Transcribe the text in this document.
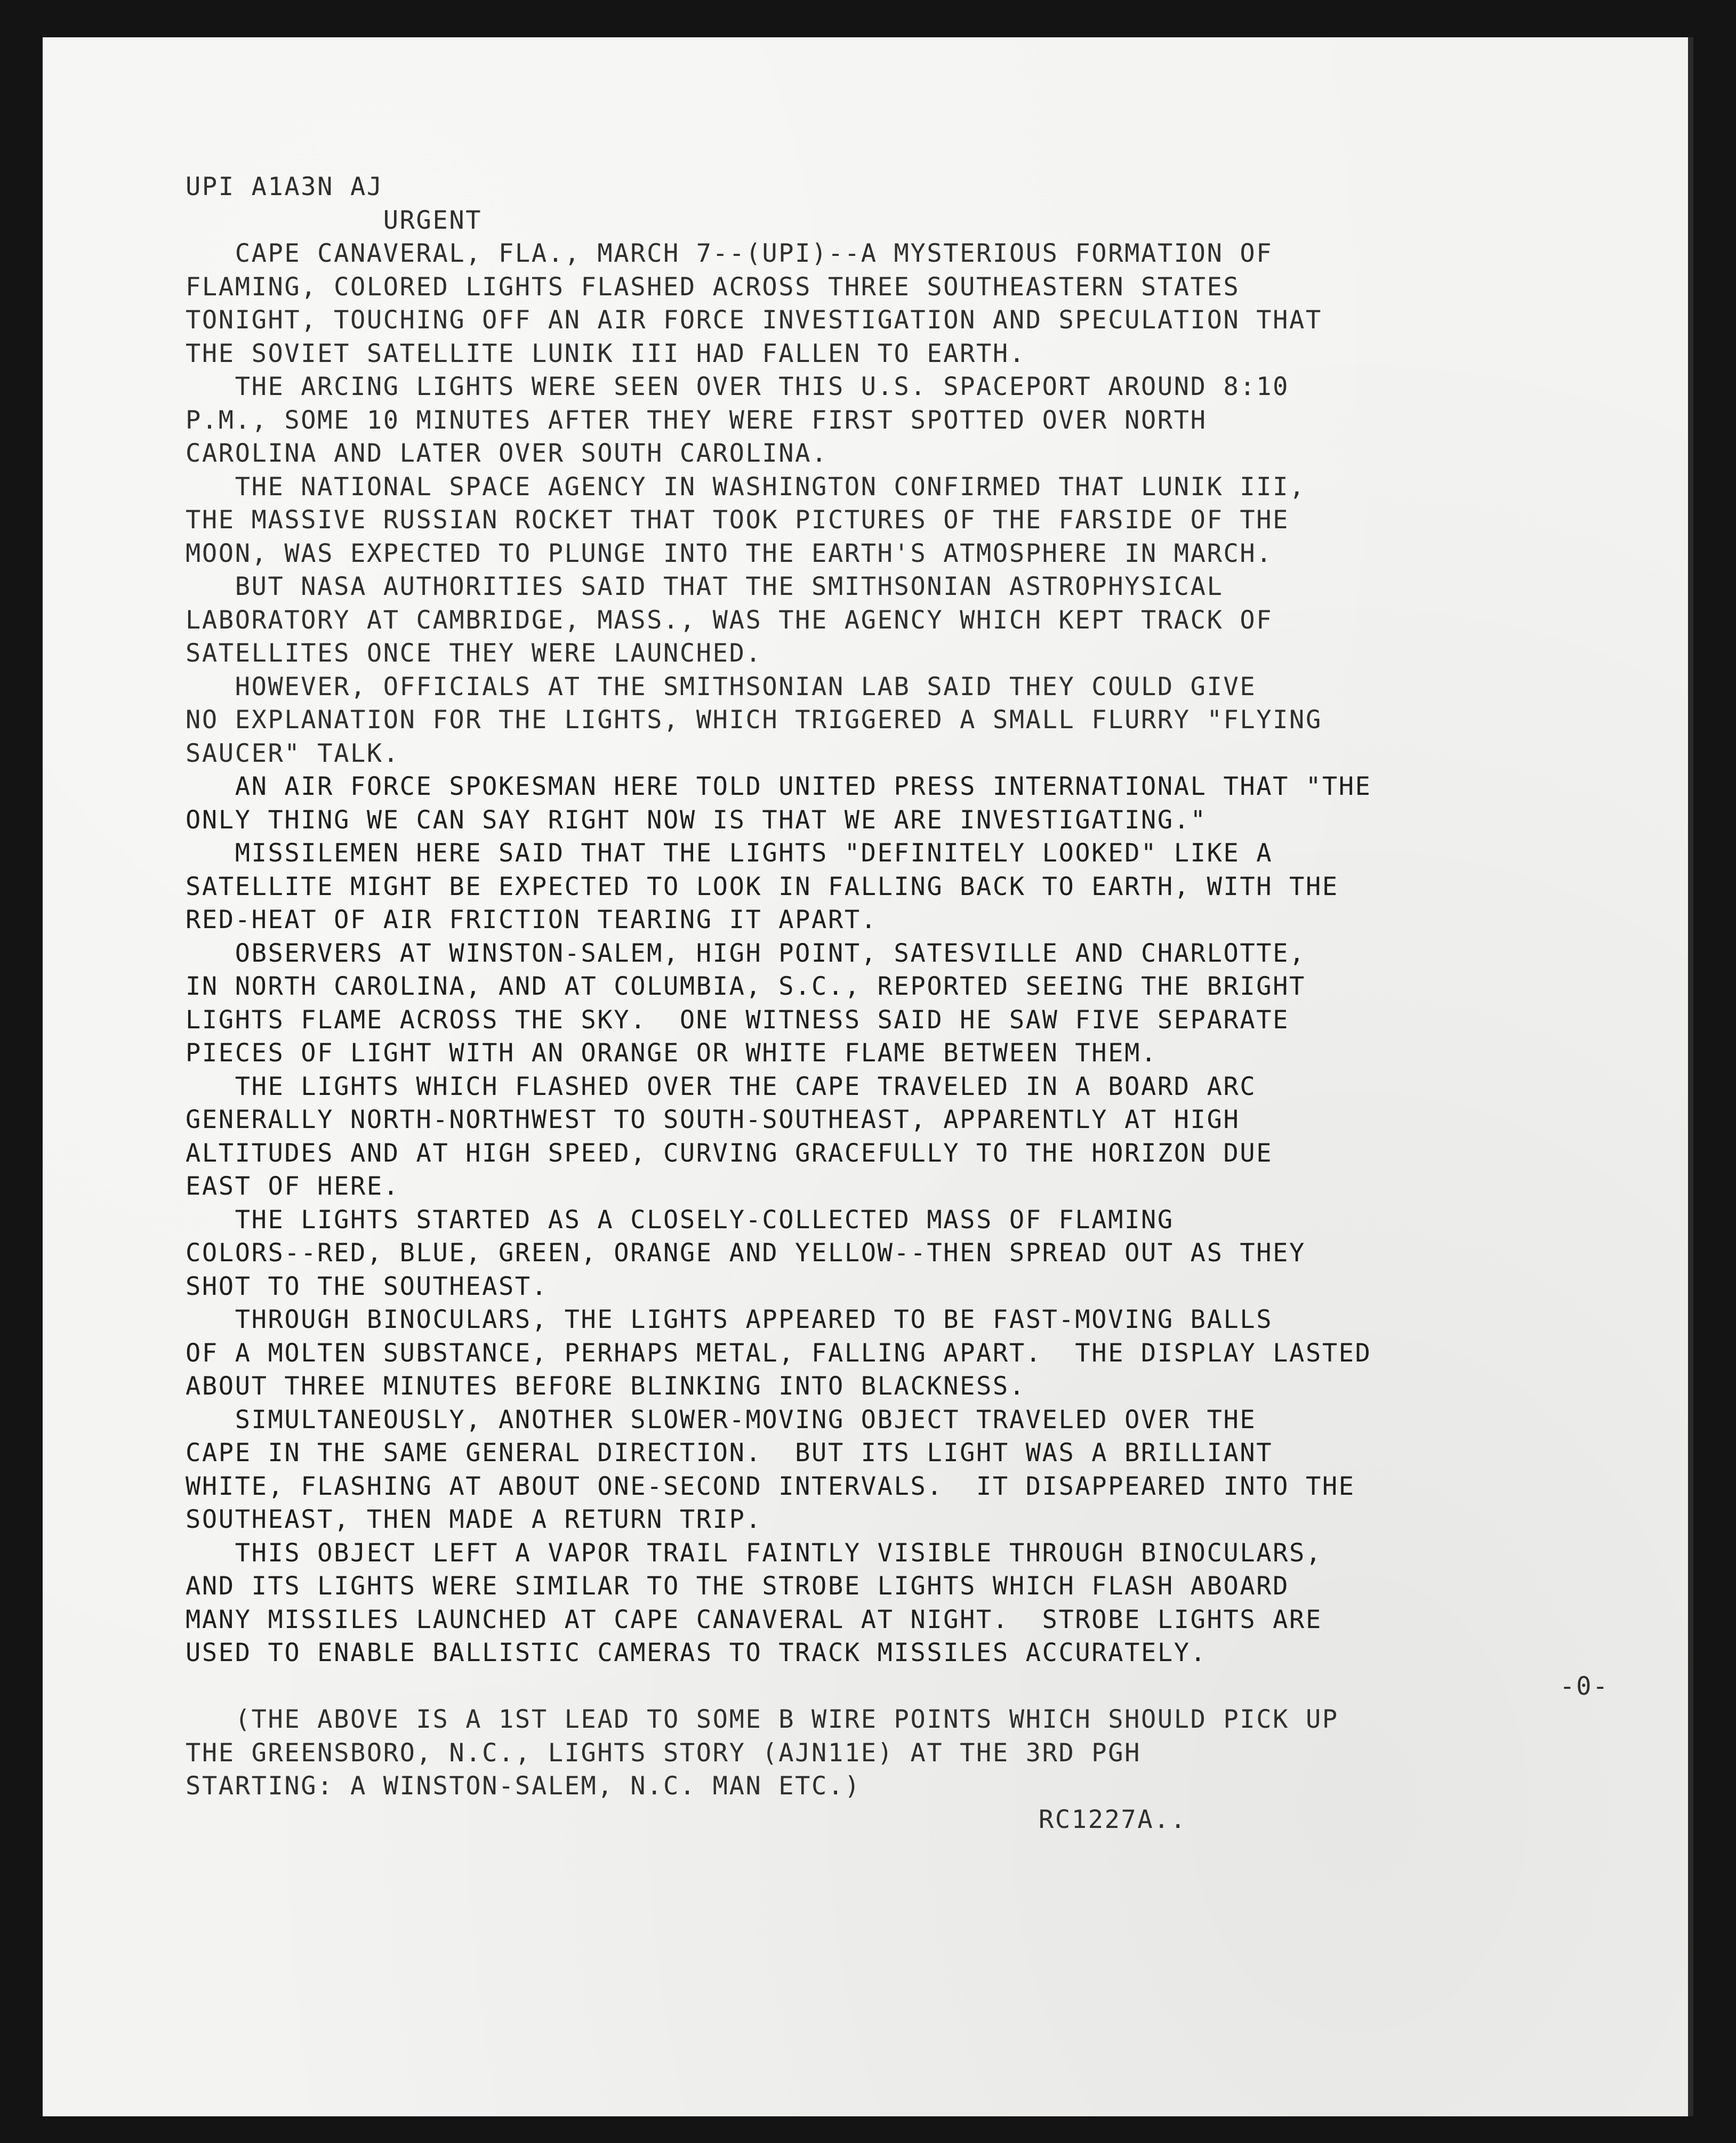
UPI A1A3N AJ
URGENT
CAPE CANAVERAL, FLA., MARCH 7--(UPI)--A MYSTERIOUS FORMATION OF
FLAMING, COLORED LIGHTS FLASHED ACROSS THREE SOUTHEASTERN STATES
TONIGHT, TOUCHING OFF AN AIR FORCE INVESTIGATION AND SPECULATION THAT
THE SOVIET SATELLITE LUNIK III HAD FALLEN TO EARTH.
THE ARCING LIGHTS WERE SEEN OVER THIS U.S. SPACEPORT AROUND 8:10
P.M., SOME 10 MINUTES AFTER THEY WERE FIRST SPOTTED OVER NORTH
CAROLINA AND LATER OVER SOUTH CAROLINA.
THE NATIONAL SPACE AGENCY IN WASHINGTON CONFIRMED THAT LUNIK III,
THE MASSIVE RUSSIAN ROCKET THAT TOOK PICTURES OF THE FARSIDE OF THE
MOON, WAS EXPECTED TO PLUNGE INTO THE EARTH'S ATMOSPHERE IN MARCH.
BUT NASA AUTHORITIES SAID THAT THE SMITHSONIAN ASTROPHYSICAL
LABORATORY AT CAMBRIDGE, MASS., WAS THE AGENCY WHICH KEPT TRACK OF
SATELLITES ONCE THEY WERE LAUNCHED.
HOWEVER, OFFICIALS AT THE SMITHSONIAN LAB SAID THEY COULD GIVE
NO EXPLANATION FOR THE LIGHTS, WHICH TRIGGERED A SMALL FLURRY "FLYING
SAUCER" TALK.
AN AIR FORCE SPOKESMAN HERE TOLD UNITED PRESS INTERNATIONAL THAT "THE
ONLY THING WE CAN SAY RIGHT NOW IS THAT WE ARE INVESTIGATING."
MISSILEMEN HERE SAID THAT THE LIGHTS "DEFINITELY LOOKED" LIKE A
SATELLITE MIGHT BE EXPECTED TO LOOK IN FALLING BACK TO EARTH, WITH THE
RED-HEAT OF AIR FRICTION TEARING IT APART.
OBSERVERS AT WINSTON-SALEM, HIGH POINT, SATESVILLE AND CHARLOTTE,
IN NORTH CAROLINA, AND AT COLUMBIA, S.C., REPORTED SEEING THE BRIGHT
LIGHTS FLAME ACROSS THE SKY.  ONE WITNESS SAID HE SAW FIVE SEPARATE
PIECES OF LIGHT WITH AN ORANGE OR WHITE FLAME BETWEEN THEM.
THE LIGHTS WHICH FLASHED OVER THE CAPE TRAVELED IN A BOARD ARC
GENERALLY NORTH-NORTHWEST TO SOUTH-SOUTHEAST, APPARENTLY AT HIGH
ALTITUDES AND AT HIGH SPEED, CURVING GRACEFULLY TO THE HORIZON DUE
EAST OF HERE.
THE LIGHTS STARTED AS A CLOSELY-COLLECTED MASS OF FLAMING
COLORS--RED, BLUE, GREEN, ORANGE AND YELLOW--THEN SPREAD OUT AS THEY
SHOT TO THE SOUTHEAST.
THROUGH BINOCULARS, THE LIGHTS APPEARED TO BE FAST-MOVING BALLS
OF A MOLTEN SUBSTANCE, PERHAPS METAL, FALLING APART.  THE DISPLAY LASTED
ABOUT THREE MINUTES BEFORE BLINKING INTO BLACKNESS.
SIMULTANEOUSLY, ANOTHER SLOWER-MOVING OBJECT TRAVELED OVER THE
CAPE IN THE SAME GENERAL DIRECTION.  BUT ITS LIGHT WAS A BRILLIANT
WHITE, FLASHING AT ABOUT ONE-SECOND INTERVALS.  IT DISAPPEARED INTO THE
SOUTHEAST, THEN MADE A RETURN TRIP.
THIS OBJECT LEFT A VAPOR TRAIL FAINTLY VISIBLE THROUGH BINOCULARS,
AND ITS LIGHTS WERE SIMILAR TO THE STROBE LIGHTS WHICH FLASH ABOARD
MANY MISSILES LAUNCHED AT CAPE CANAVERAL AT NIGHT.  STROBE LIGHTS ARE
USED TO ENABLE BALLISTIC CAMERAS TO TRACK MISSILES ACCURATELY.
-0-
(THE ABOVE IS A 1ST LEAD TO SOME B WIRE POINTS WHICH SHOULD PICK UP
THE GREENSBORO, N.C., LIGHTS STORY (AJN11E) AT THE 3RD PGH
STARTING: A WINSTON-SALEM, N.C. MAN ETC.)
RC1227A..
